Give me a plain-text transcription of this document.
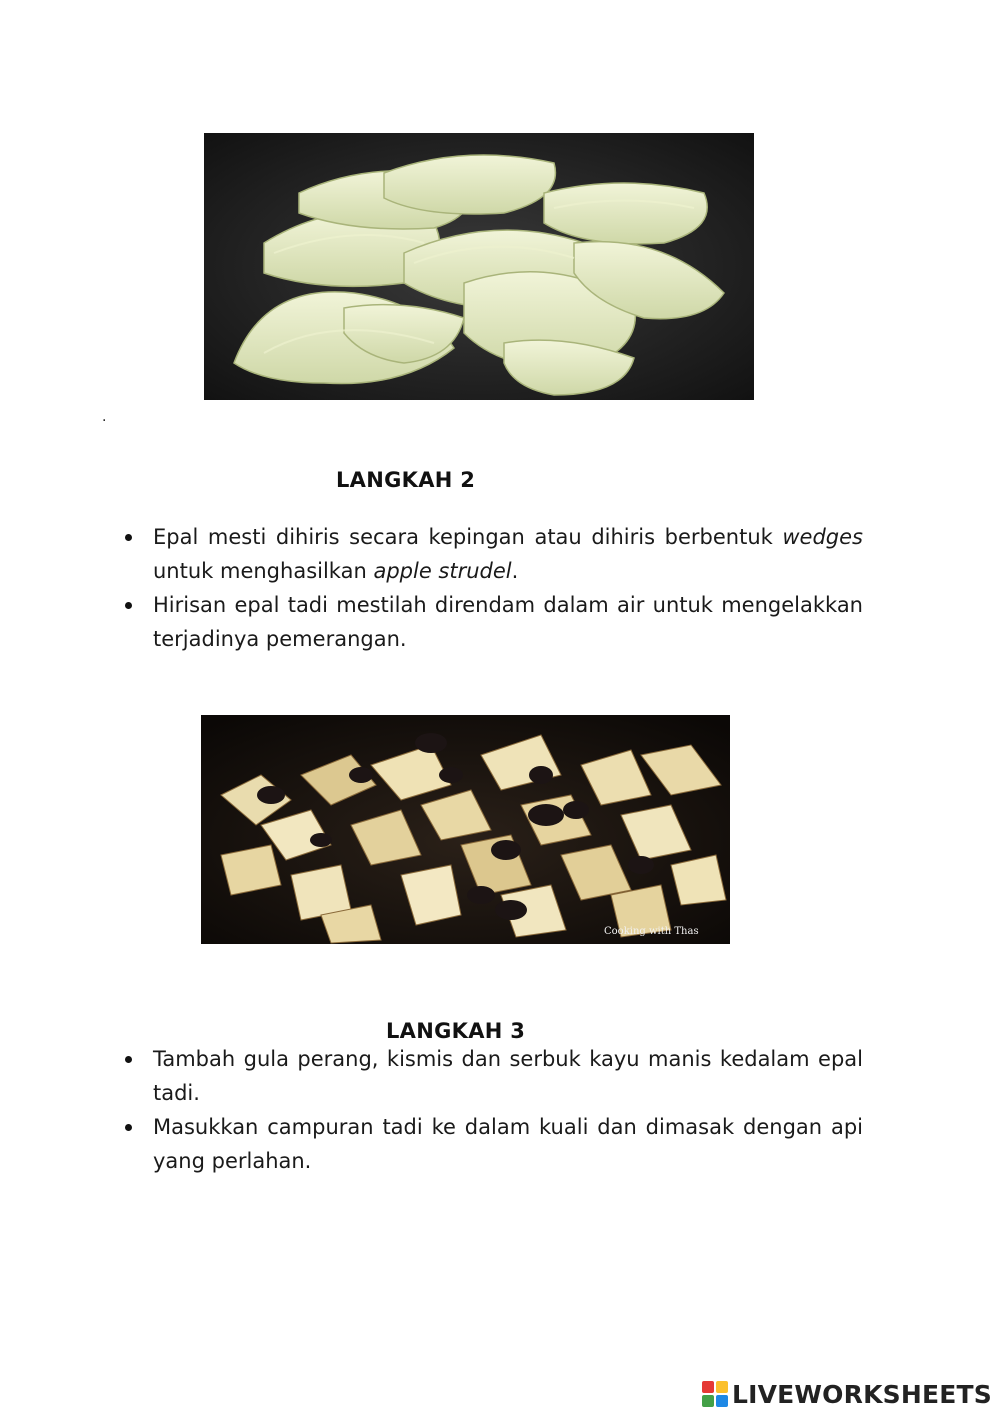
.
LANGKAH 2
Epal mesti dihiris secara kepingan atau dihiris berbentuk wedges untuk menghasilkan apple strudel.
Hirisan epal tadi mestilah direndam dalam air untuk mengelakkan terjadinya pemerangan.
Cooking with Thas
LANGKAH 3
Tambah gula perang, kismis dan serbuk kayu manis kedalam epal tadi.
Masukkan campuran tadi ke dalam kuali dan dimasak dengan api yang perlahan.
LIVEWORKSHEETS
